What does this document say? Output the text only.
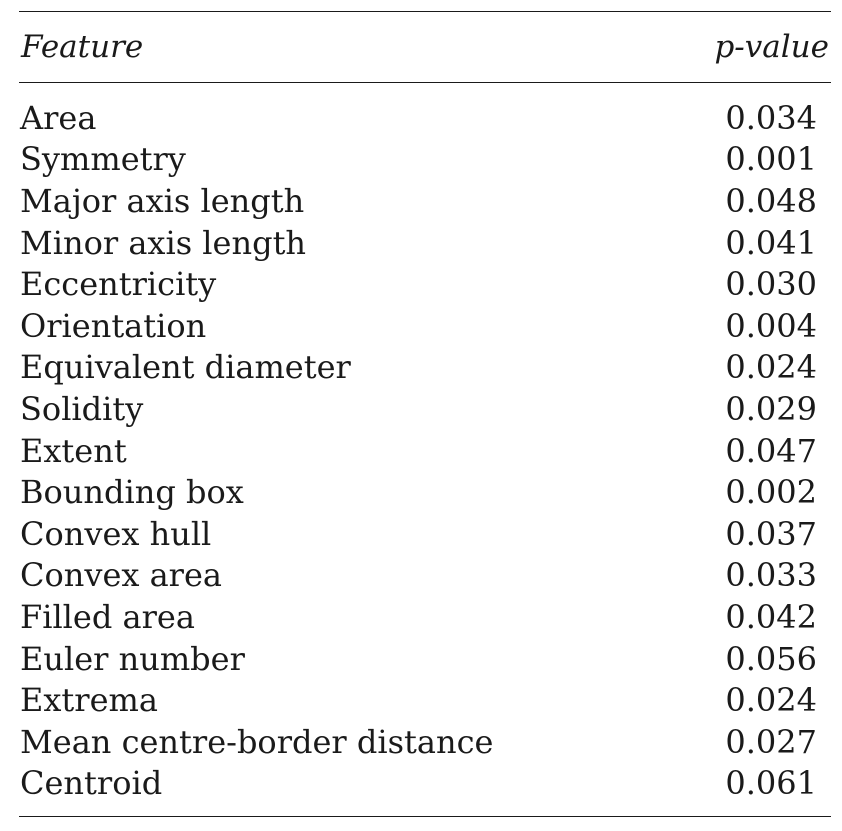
Feature	p-value
Area	0.034
Symmetry	0.001
Major axis length	0.048
Minor axis length	0.041
Eccentricity	0.030
Orientation	0.004
Equivalent diameter	0.024
Solidity	0.029
Extent	0.047
Bounding box	0.002
Convex hull	0.037
Convex area	0.033
Filled area	0.042
Euler number	0.056
Extrema	0.024
Mean centre-border distance	0.027
Centroid	0.061
